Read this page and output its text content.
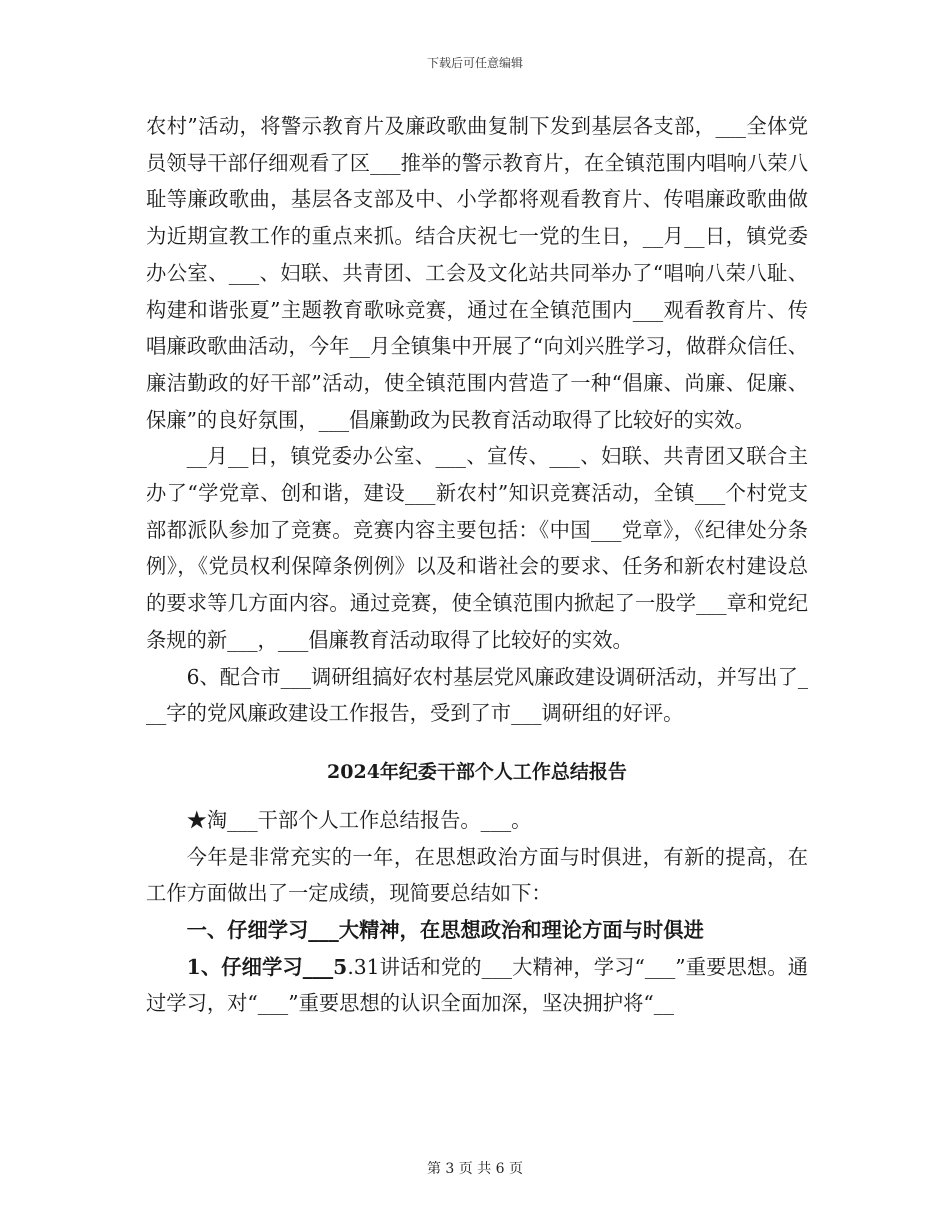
下载后可任意编辑

农村”活动，将警示教育片及廉政歌曲复制下发到基层各支部，___全体党员领导干部仔细观看了区___推举的警示教育片，在全镇范围内唱响八荣八耻等廉政歌曲，基层各支部及中、小学都将观看教育片、传唱廉政歌曲做为近期宣教工作的重点来抓。结合庆祝七一党的生日，__月__日，镇党委办公室、___、妇联、共青团、工会及文化站共同举办了“唱响八荣八耻、构建和谐张夏”主题教育歌咏竞赛，通过在全镇范围内___观看教育片、传唱廉政歌曲活动，今年__月全镇集中开展了“向刘兴胜学习，做群众信任、廉洁勤政的好干部”活动，使全镇范围内营造了一种“倡廉、尚廉、促廉、保廉”的良好氛围，___倡廉勤政为民教育活动取得了比较好的实效。

__月__日，镇党委办公室、___、宣传、___、妇联、共青团又联合主办了“学党章、创和谐，建设___新农村”知识竞赛活动，全镇___个村党支部都派队参加了竞赛。竞赛内容主要包括：《中国___党章》，《纪律处分条例》，《党员权利保障条例例》以及和谐社会的要求、任务和新农村建设总的要求等几方面内容。通过竞赛，使全镇范围内掀起了一股学___章和党纪条规的新___，___倡廉教育活动取得了比较好的实效。

6、配合市___调研组搞好农村基层党风廉政建设调研活动，并写出了___字的党风廉政建设工作报告，受到了市___调研组的好评。

2024年纪委干部个人工作总结报告

★淘___干部个人工作总结报告。___。

今年是非常充实的一年，在思想政治方面与时俱进，有新的提高，在工作方面做出了一定成绩，现简要总结如下：

一、仔细学习___大精神，在思想政治和理论方面与时俱进

1、仔细学习___5.31讲话和党的___大精神，学习“___”重要思想。通过学习，对“___”重要思想的认识全面加深，坚决拥护将“__

第 3 页 共 6 页
